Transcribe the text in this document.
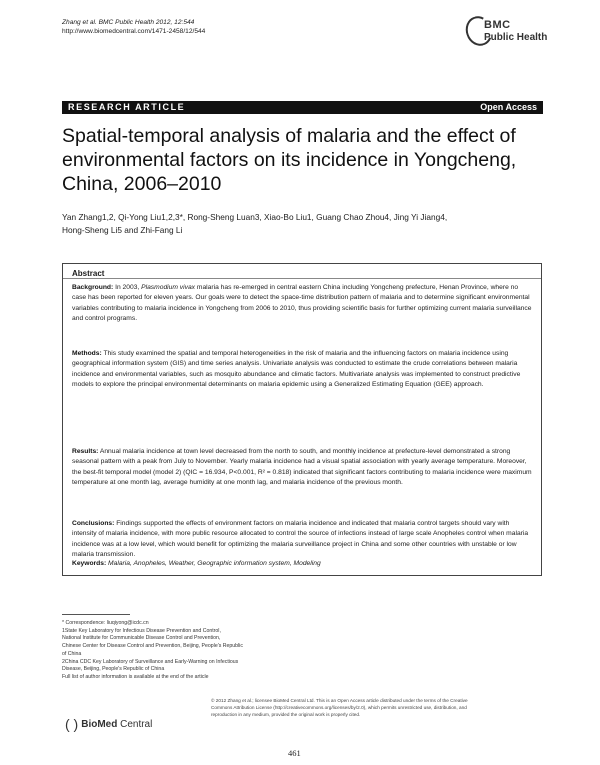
Zhang et al. BMC Public Health 2012, 12:544
http://www.biomedcentral.com/1471-2458/12/544
BMC
Public Health
RESEARCH ARTICLE	Open Access
Spatial-temporal analysis of malaria and the effect of environmental factors on its incidence in Yongcheng, China, 2006–2010
Yan Zhang1,2, Qi-Yong Liu1,2,3*, Rong-Sheng Luan3, Xiao-Bo Liu1, Guang Chao Zhou4, Jing Yi Jiang4,
Hong-Sheng Li5 and Zhi-Fang Li
Abstract

Background: In 2003, Plasmodium vivax malaria has re-emerged in central eastern China including Yongcheng prefecture, Henan Province, where no case has been reported for eleven years. Our goals were to detect the space-time distribution pattern of malaria and to determine significant environmental variables contributing to malaria incidence in Yongcheng from 2006 to 2010, thus providing scientific basis for further optimizing current malaria surveillance and control programs.

Methods: This study examined the spatial and temporal heterogeneities in the risk of malaria and the influencing factors on malaria incidence using geographical information system (GIS) and time series analysis. Univariate analysis was conducted to estimate the crude correlations between malaria incidence and environmental variables, such as mosquito abundance and climatic factors. Multivariate analysis was implemented to construct predictive models to explore the principal environmental determinants on malaria epidemic using a Generalized Estimating Equation (GEE) approach.

Results: Annual malaria incidence at town level decreased from the north to south, and monthly incidence at prefecture-level demonstrated a strong seasonal pattern with a peak from July to November. Yearly malaria incidence had a visual spatial association with yearly average temperature. Moreover, the best-fit temporal model (model 2) (QIC = 16.934, P<0.001, R² = 0.818) indicated that significant factors contributing to malaria incidence were maximum temperature at one month lag, average humidity at one month lag, and malaria incidence of the previous month.

Conclusions: Findings supported the effects of environment factors on malaria incidence and indicated that malaria control targets should vary with intensity of malaria incidence, with more public resource allocated to control the source of infections instead of large scale Anopheles control when malaria incidence was at a low level, which would benefit for optimizing the malaria surveillance project in China and some other countries with unstable or low malaria transmission.

Keywords: Malaria, Anopheles, Weather, Geographic information system, Modeling

* Correspondence: liuqiyong@icdc.cn
1State Key Laboratory for Infectious Disease Prevention and Control,
National Institute for Communicable Disease Control and Prevention,
Chinese Center for Disease Control and Prevention, Beijing, People's Republic
of China
2China CDC Key Laboratory of Surveillance and Early-Warning on Infectious
Disease, Beijing, People's Republic of China
Full list of author information is available at the end of the article
( ) BioMed Central
© 2012 Zhang et al.; licensee BioMed Central Ltd. This is an Open Access article distributed under the terms of the Creative Commons Attribution License (http://creativecommons.org/licenses/by/2.0), which permits unrestricted use, distribution, and reproduction in any medium, provided the original work is properly cited.
461
